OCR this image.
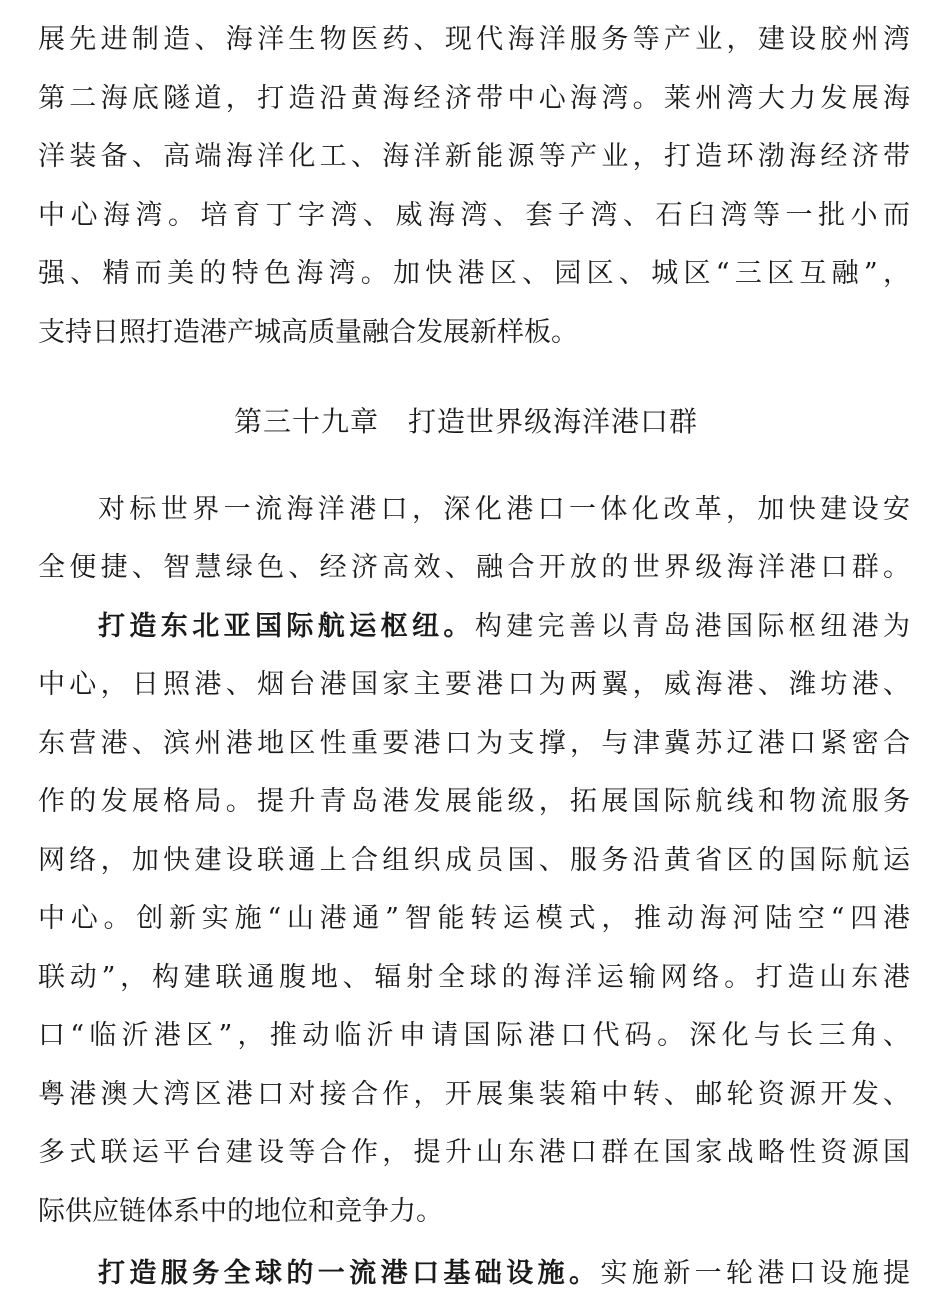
展先进制造、海洋生物医药、现代海洋服务等产业，建设胶州湾
第二海底隧道，打造沿黄海经济带中心海湾。莱州湾大力发展海
洋装备、高端海洋化工、海洋新能源等产业，打造环渤海经济带
中心海湾。培育丁字湾、威海湾、套子湾、石臼湾等一批小而
强、精而美的特色海湾。加快港区、园区、城区“三区互融”，
支持日照打造港产城高质量融合发展新样板。
第三十九章　打造世界级海洋港口群
对标世界一流海洋港口，深化港口一体化改革，加快建设安
全便捷、智慧绿色、经济高效、融合开放的世界级海洋港口群。
打造东北亚国际航运枢纽。构建完善以青岛港国际枢纽港为
中心，日照港、烟台港国家主要港口为两翼，威海港、潍坊港、
东营港、滨州港地区性重要港口为支撑，与津冀苏辽港口紧密合
作的发展格局。提升青岛港发展能级，拓展国际航线和物流服务
网络，加快建设联通上合组织成员国、服务沿黄省区的国际航运
中心。创新实施“山港通”智能转运模式，推动海河陆空“四港
联动”，构建联通腹地、辐射全球的海洋运输网络。打造山东港
口“临沂港区”，推动临沂申请国际港口代码。深化与长三角、
粤港澳大湾区港口对接合作，开展集装箱中转、邮轮资源开发、
多式联运平台建设等合作，提升山东港口群在国家战略性资源国
际供应链体系中的地位和竞争力。
打造服务全球的一流港口基础设施。实施新一轮港口设施提
